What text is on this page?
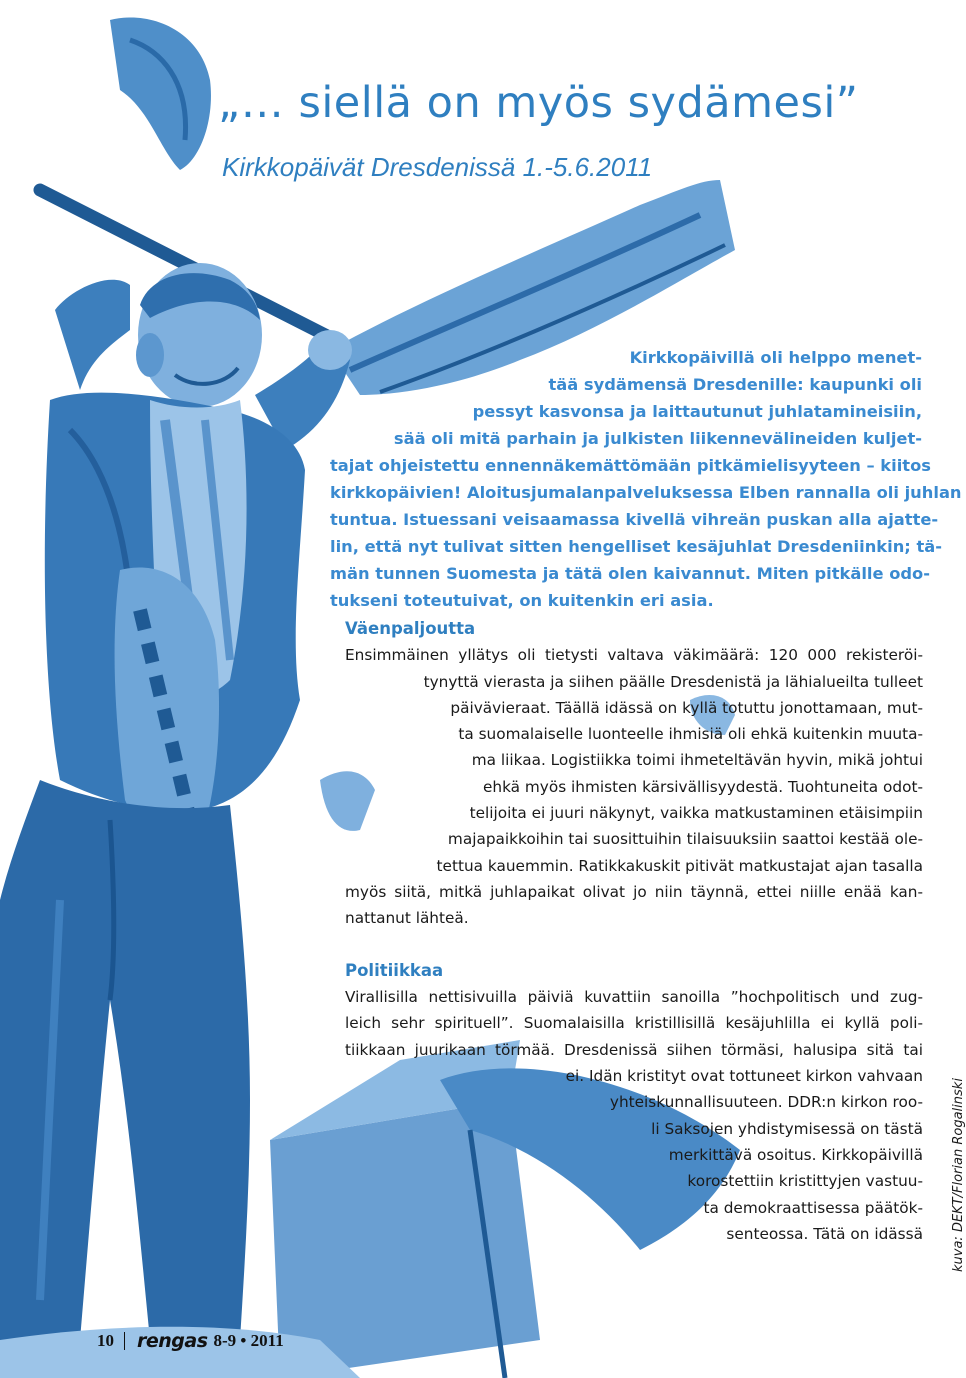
„… siellä on myös sydämesi”
Kirkkopäivät Dresdenissä 1.-5.6.2011
Kirkkopäivillä oli helppo menet-
tää sydämensä Dresdenille: kaupunki oli
pessyt kasvonsa ja laittautunut juhlatamineisiin,
sää oli mitä parhain ja julkisten liikennevälineiden kuljet-
tajat ohjeistettu ennennäkemättömään pitkämielisyyteen – kiitos
kirkkopäivien! Aloitusjumalanpalveluksessa Elben rannalla oli juhlan
tuntua. Istuessani veisaamassa kivellä vihreän puskan alla ajatte-
lin, että nyt tulivat sitten hengelliset kesäjuhlat Dresdeniinkin; tä-
män tunnen Suomesta ja tätä olen kaivannut. Miten pitkälle odo-
tukseni toteutuivat, on kuitenkin eri asia.
Väenpaljoutta
Ensimmäinen yllätys oli tietysti valtava väkimäärä: 120 000 rekisteröi-
tynyttä vierasta ja siihen päälle Dresdenistä ja lähialueilta tulleet
päivävieraat. Täällä idässä on kyllä totuttu jonottamaan, mut-
ta suomalaiselle luonteelle ihmisiä oli ehkä kuitenkin muuta-
ma liikaa. Logistiikka toimi ihmeteltävän hyvin, mikä johtui
ehkä myös ihmisten kärsivällisyydestä. Tuohtuneita odot-
telijoita ei juuri näkynyt, vaikka matkustaminen etäisimpiin
majapaikkoihin tai suosittuihin tilaisuuksiin saattoi kestää ole-
tettua kauemmin. Ratikkakuskit pitivät matkustajat ajan tasalla
myös siitä, mitkä juhlapaikat olivat jo niin täynnä, ettei niille enää kan-
nattanut lähteä.
Politiikkaa
Virallisilla nettisivuilla päiviä kuvattiin sanoilla ”hochpolitisch und zug-
leich sehr spirituell”. Suomalaisilla kristillisillä kesäjuhlilla ei kyllä poli-
tiikkaan juurikaan törmää. Dresdenissä siihen törmäsi, halusipa sitä tai
ei. Idän kristityt ovat tottuneet kirkon vahvaan
yhteiskunnallisuuteen. DDR:n kirkon roo-
li Saksojen yhdistymisessä on tästä
merkittävä osoitus. Kirkkopäivillä
korostettiin kristittyjen vastuu-
ta demokraattisessa päätök-
senteossa. Tätä on idässä kuva: DEKT/Florian Rogalinski
10 rengas 8-9 • 2011
